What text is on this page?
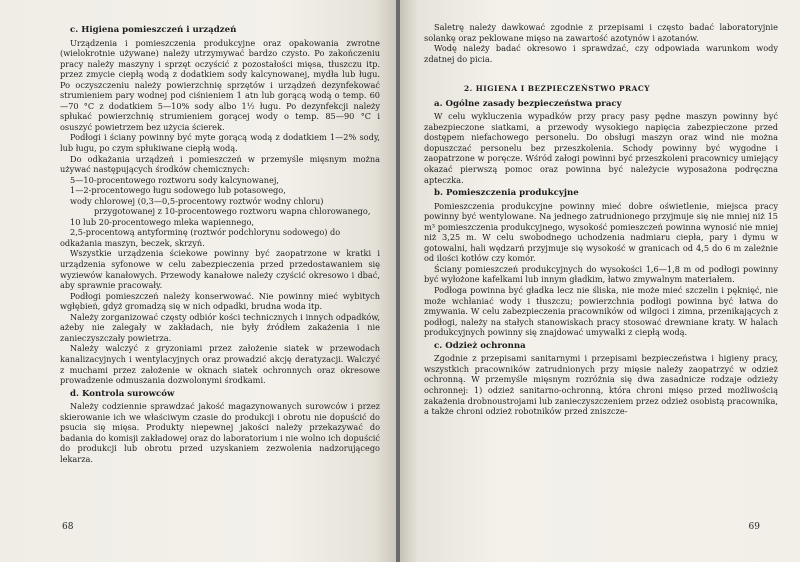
c. Higiena pomieszczeń i urządzeń

Urządzenia i pomieszczenia produkcyjne oraz opakowania zwrotne (wielokrotnie używane) należy utrzymywać bardzo czysto. Po zakończeniu pracy należy maszyny i sprzęt oczyścić z pozostałości mięsa, tłuszczu itp. przez zmycie ciepłą wodą z dodatkiem sody kalcynowanej, mydła lub ługu. Po oczyszczeniu należy powierzchnię sprzętów i urządzeń dezynfekować strumieniem pary wodnej pod ciśnieniem 1 atn lub gorącą wodą o temp. 60—70 °C z dodatkiem 5—10% sody albo 1½ ługu. Po dezynfekcji należy spłukać powierzchnię strumieniem gorącej wody o temp. 85—90 °C i osuszyć powietrzem bez użycia ścierek.

Podłogi i ściany powinny być myte gorącą wodą z dodatkiem 1—2% sody, lub ługu, po czym spłukiwane ciepłą wodą.

Do odkażania urządzeń i pomieszczeń w przemyśle mięsnym można używać następujących środków chemicznych:

5—10-procentowego roztworu sody kalcynowanej,
1—2-procentowego ługu sodowego lub potasowego,
wody chlorowej (0,3—0,5-procentowy roztwór wodny chloru)
przygotowanej z 10-procentowego roztworu wapna chlorowanego,
10 lub 20-procentowego mleka wapiennego,
2,5-procentową antyforminę (roztwór podchlorynu sodowego) do odkażania maszyn, beczek, skrzyń.

Wszystkie urządzenia ściekowe powinny być zaopatrzone w kratki i urządzenia syfonowe w celu zabezpieczenia przed przedostawaniem się wyziewów kanałowych. Przewody kanałowe należy czyścić okresowo i dbać, aby sprawnie pracowały.

Podłogi pomieszczeń należy konserwować. Nie powinny mieć wybitych wgłębień, gdyż gromadzą się w nich odpadki, brudna woda itp.

Należy zorganizować częsty odbiór kości technicznych i innych odpadków, ażeby nie zalegały w zakładach, nie były źródłem zakażenia i nie zanieczyszczały powietrza.

Należy walczyć z gryzoniami przez założenie siatek w przewodach kanalizacyjnych i wentylacyjnych oraz prowadzić akcję deratyzacji. Walczyć z muchami przez założenie w oknach siatek ochronnych oraz okresowe prowadzenie odmuszania dozwolonymi środkami.

d. Kontrola surowców

Należy codziennie sprawdzać jakość magazynowanych surowców i przez skierowanie ich we właściwym czasie do produkcji i obrotu nie dopuścić do psucia się mięsa. Produkty niepewnej jakości należy przekazywać do badania do komisji zakładowej oraz do laboratorium i nie wolno ich dopuścić do produkcji lub obrotu przed uzyskaniem zezwolenia nadzorującego lekarza.

68

Saletrę należy dawkować zgodnie z przepisami i często badać laboratoryjnie solankę oraz peklowane mięso na zawartość azotynów i azotanów.

Wodę należy badać okresowo i sprawdzać, czy odpowiada warunkom wody zdatnej do picia.

2. HIGIENA I BEZPIECZEŃSTWO PRACY
a. Ogólne zasady bezpieczeństwa pracy

W celu wykluczenia wypadków przy pracy pasy pędne maszyn powinny być zabezpieczone siatkami, a przewody wysokiego napięcia zabezpieczone przed dostępem niefachowego personelu. Do obsługi maszyn oraz wind nie można dopuszczać personelu bez przeszkolenia. Schody powinny być wygodne i zaopatrzone w poręcze. Wśród załogi powinni być przeszkoleni pracownicy umiejący okazać pierwszą pomoc oraz powinna być należycie wyposażona podręczna apteczka.

b. Pomieszczenia produkcyjne

Pomieszczenia produkcyjne powinny mieć dobre oświetlenie, miejsca pracy powinny być wentylowane. Na jednego zatrudnionego przyjmuje się nie mniej niż 15 m³ pomieszczenia produkcyjnego, wysokość pomieszczeń powinna wynosić nie mniej niż 3,25 m. W celu swobodnego uchodzenia nadmiaru ciepła, pary i dymu w gotowalni, hali wędzarń przyjmuje się wysokość w granicach od 4,5 do 6 m zależnie od ilości kotłów czy komór.

Ściany pomieszczeń produkcyjnych do wysokości 1,6—1,8 m od podłogi powinny być wyłożone kafelkami lub innym gładkim, łatwo zmywalnym materiałem.

Podłoga powinna być gładka lecz nie śliska, nie może mieć szczelin i pęknięć, nie może wchłaniać wody i tłuszczu; powierzchnia podłogi powinna być łatwa do zmywania. W celu zabezpieczenia pracowników od wilgoci i zimna, przenikających z podłogi, należy na stałych stanowiskach pracy stosować drewniane kraty. W halach produkcyjnych powinny się znajdować umywalki z ciepłą wodą.

c. Odzież ochronna

Zgodnie z przepisami sanitarnymi i przepisami bezpieczeństwa i higieny pracy, wszystkich pracowników zatrudnionych przy mięsie należy zaopatrzyć w odzież ochronną. W przemyśle mięsnym rozróżnia się dwa zasadnicze rodzaje odzieży ochronnej: 1) odzież sanitarno-ochronną, która chroni mięso przed możliwością zakażenia drobnoustrojami lub zanieczyszczeniem przez odzież osobistą pracownika, a także chroni odzież robotników przed zniszcze-

69
